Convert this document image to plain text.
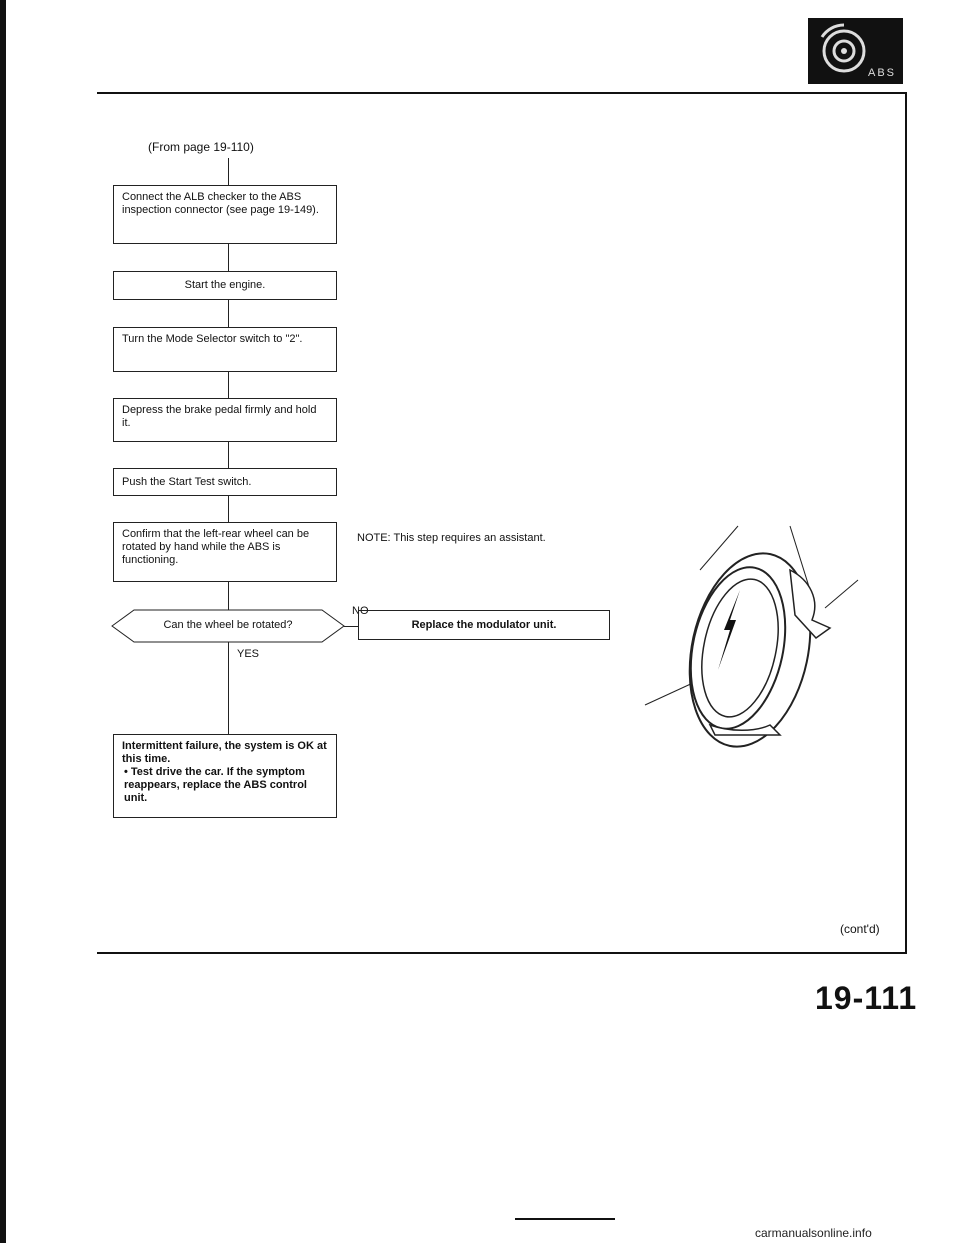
ABS
(From page 19-110)
Connect the ALB checker to the ABS inspection connector (see page 19-149).
Start the engine.
Turn the Mode Selector switch to "2".
Depress the brake pedal firmly and hold it.
Push the Start Test switch.
Confirm that the left-rear wheel can be rotated by hand while the ABS is functioning.
NOTE: This step requires an assistant.
Can the wheel be rotated?
NO
Replace the modulator unit.
YES
Intermittent failure, the system is OK at this time.
• Test drive the car. If the symptom reappears, replace the ABS control unit.
(cont'd)
19-111
carmanualsonline.info
